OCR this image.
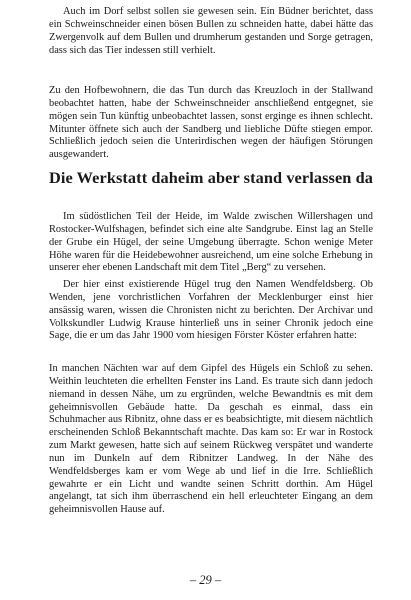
Auch im Dorf selbst sollen sie gewesen sein. Ein Büdner berichtet, dass ein Schweinschneider einen bösen Bullen zu schneiden hatte, dabei hätte das Zwergenvolk auf dem Bullen und drumherum gestanden und Sorge getragen, dass sich das Tier indessen still verhielt.

Zu den Hofbewohnern, die das Tun durch das Kreuzloch in der Stallwand beobachtet hatten, habe der Schweinschneider anschließend entgegnet, sie mögen sein Tun künftig unbeobachtet lassen, sonst erginge es ihnen schlecht. Mitunter öffnete sich auch der Sandberg und liebliche Düfte stiegen empor. Schließlich jedoch seien die Unterirdischen wegen der häufigen Störungen ausgewandert.

Die Werkstatt daheim aber stand verlassen da

Im südöstlichen Teil der Heide, im Walde zwischen Willershagen und Rostocker-Wulfshagen, befindet sich eine alte Sandgrube. Einst lag an Stelle der Grube ein Hügel, der seine Umgebung überragte. Schon wenige Meter Höhe waren für die Heidebewohner ausreichend, um eine solche Erhebung in unserer eher ebenen Landschaft mit dem Titel „Berg“ zu versehen.

Der hier einst existierende Hügel trug den Namen Wendfeldsberg. Ob Wenden, jene vorchristlichen Vorfahren der Mecklenburger einst hier ansässig waren, wissen die Chronisten nicht zu berichten. Der Archivar und Volkskundler Ludwig Krause hinterließ uns in seiner Chronik jedoch eine Sage, die er um das Jahr 1900 vom hiesigen Förster Köster erfahren hatte:

In manchen Nächten war auf dem Gipfel des Hügels ein Schloß zu sehen. Weithin leuchteten die erhellten Fenster ins Land. Es traute sich dann jedoch niemand in dessen Nähe, um zu ergründen, welche Bewandtnis es mit dem geheimnisvollen Gebäude hatte. Da geschah es einmal, dass ein Schuhmacher aus Ribnitz, ohne dass er es beabsichtigte, mit diesem nächtlich erscheinenden Schloß Bekanntschaft machte. Das kam so: Er war in Rostock zum Markt gewesen, hatte sich auf seinem Rückweg verspätet und wanderte nun im Dunkeln auf dem Ribnitzer Landweg. In der Nähe des Wendfeldsberges kam er vom Wege ab und lief in die Irre. Schließlich gewahrte er ein Licht und wandte seinen Schritt dorthin. Am Hügel angelangt, tat sich ihm überraschend ein hell erleuchteter Eingang an dem geheimnisvollen Hause auf.

– 29 –
